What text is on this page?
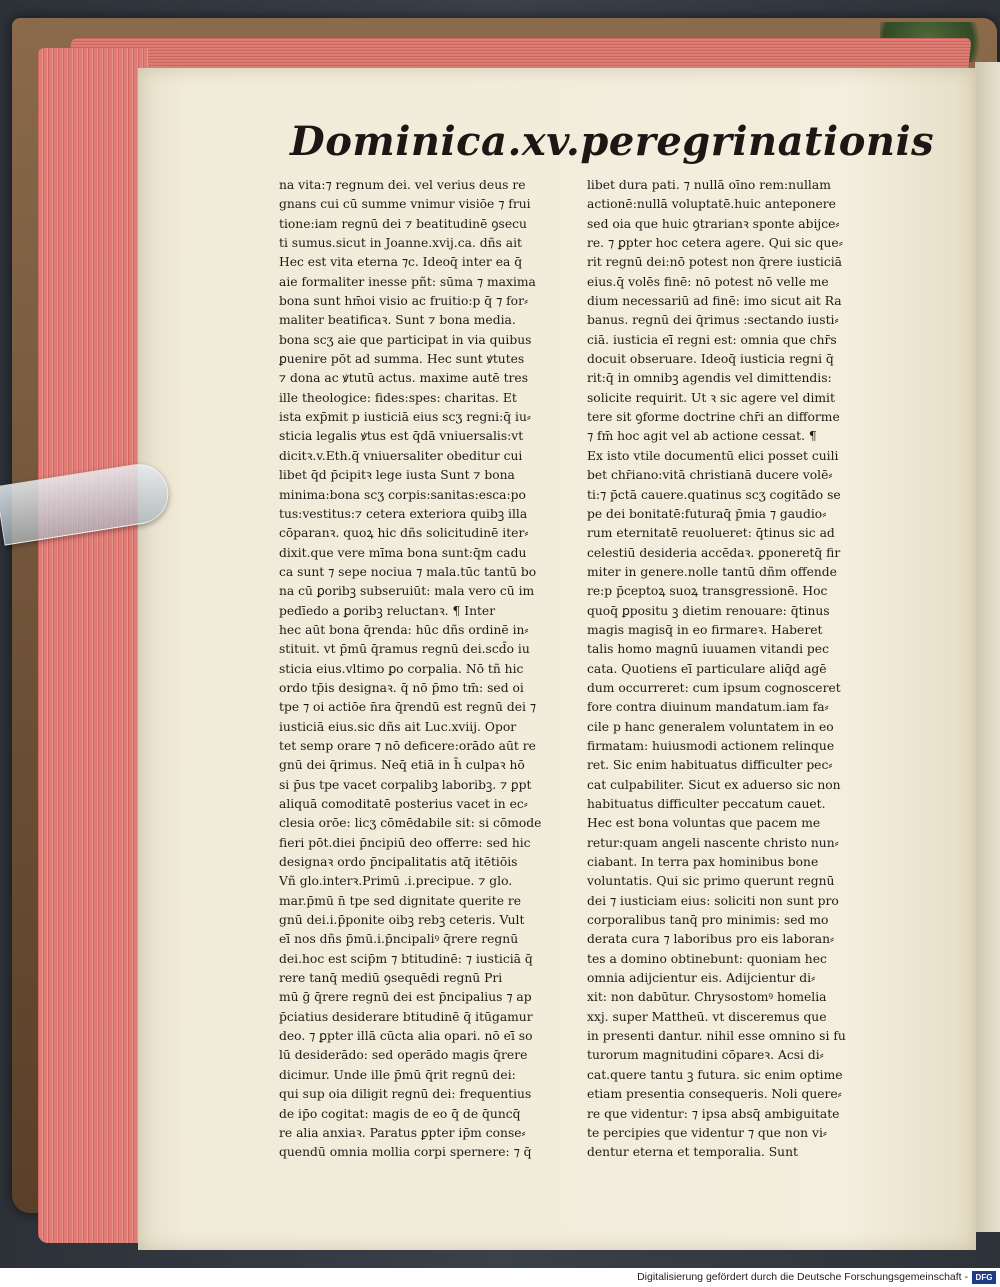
Dominica.xv.peregrinationis
na vita:⁊ regnum dei. vel verius deus re
gnans cui cū summe vnimur visiōe ⁊ frui
tione:iam regnū dei ⁊ beatitudinē ꝯsecu
ti sumus.sicut in Joanne.xvij.ca. dñs ait
Hec est vita eterna ⁊c. Ideoq̄ inter ea q̄
aie formaliter inesse pñt: sūma ⁊ maxima
bona sunt hm̄oi visio ac fruitio:p q̄ ⁊ for⸗
maliter beatificaꝛ. Sunt ⁊ bona media.
bona scʒ aie que participat in via quibus
ꝑuenire pōt ad summa. Hec sunt ꝟtutes
⁊ dona ac ꝟtutū actus. maxime autē tres
ille theologice: fides:spes: charitas. Et
ista exp̄mit p iusticiā eius scʒ regni:q̄ iu⸗
sticia legalis ꝟtus est q̄dā vniuersalis:vt
dicitꝛ.v.Eth.q̄ vniuersaliter obeditur cui
libet q̄d p̄cipitꝛ lege iusta Sunt ⁊ bona
minima:bona scʒ corpis:sanitas:esca:po
tus:vestitus:⁊ cetera exteriora quibꝫ illa
cōparanꝛ. quoꝝ hic dñs solicitudinē iter⸗
dixit.que vere mīma bona sunt:q̄m cadu
ca sunt ⁊ sepe nociua ⁊ mala.tūc tantū bo
na cū ꝑoribꝫ subseruiūt: mala vero cū im
pedīedo a ꝑoribꝫ reluctanꝛ. ¶ Inter
hec aūt bona q̄renda: hūc dñs ordinē in⸗
stituit. vt p̄mū q̄ramus regnū dei.scd̄o iu
sticia eius.vltimo ꝑo corpalia. Nō tñ hic
ordo tp̄is designaꝛ. q̄ nō p̄mo tm̄: sed oi
tpe ⁊ oi actiōe n̄ra q̄rendū est regnū dei ⁊
iusticiā eius.sic dñs ait Luc.xviij. Opor
tet semp orare ⁊ nō deficere:orādo aūt re
gnū dei q̄rimus. Neq̄ etiā in h̄ culpaꝛ hō
si p̄us tpe vacet corpalibꝫ laboribꝫ. ⁊ ꝑpt
aliquā comoditatē posterius vacet in ec⸗
clesia orōe: licʒ cōmēdabile sit: si cōmode
fieri pōt.diei p̄ncipiū deo offerre: sed hic
designaꝛ ordo p̄ncipalitatis atq̄ itētiōis
Vñ glo.interꝛ.Primū .i.precipue. ⁊ glo.
mar.p̄mū n̄ tpe sed dignitate querite re
gnū dei.i.p̄ponite oibꝫ rebꝫ ceteris. Vult
eī̄ nos dñs p̄mū.i.p̄ncipaliꝰ q̄rere regnū
dei.hoc est scip̄m ⁊ btitudinē: ⁊ iusticiā q̄
rere tanq̄ mediū ꝯsequēdi regnū Pri
mū ḡ q̄rere regnū dei est p̄ncipalius ⁊ ap
p̄ciatius desiderare btitudinē q̄ itūgamur
deo. ⁊ ꝑpter illā cūcta alia opari. nō eī̄ so
lū desiderādo: sed operādo magis q̄rere
dicimur. Unde ille p̄mū q̄rit regnū dei:
qui sup oia diligit regnū dei: frequentius
de ip̄o cogitat: magis de eo q̄̄ de q̄uncq̄
re alia anxiaꝛ. Paratus ꝑpter ip̄m conse⸗
quendū omnia mollia corpi spernere: ⁊ q̄
libet dura pati. ⁊ nullā oīno rem:nullam
actionē:nullā voluptatē.huic anteponere
sed oia que huic ꝯtrarianꝛ sponte abijce⸗
re. ⁊ ꝑpter hoc cetera agere. Qui sic que⸗
rit regnū dei:nō potest non q̄rere iusticiā
eius.q̄ volēs finē: nō potest nō velle me
dium necessariū ad finē: imo sicut ait Ra
banus. regnū dei q̄rimus :sectando iusti⸗
ciā. iusticia eī̄ regni est: omnia que chr̄s
docuit obseruare. Ideoq̄ iusticia regni q̄
rit:q̄ in omnibꝫ agendis vel dimittendis:
solicite requirit. Ut ꝛ sic agere vel dimit
tere sit ꝯforme doctrine chr̄i an difforme
⁊ fm̄ hoc agit vel ab actione cessat. ¶
Ex isto vtile documentū elici posset cuili
bet chr̄iano:vitā christianā ducere volē⸗
ti:⁊ p̄ctā cauere.quatinus scʒ cogitādo se
pe dei bonitatē:futuraq̄ p̄mia ⁊ gaudio⸗
rum eternitatē reuolueret: q̄tinus sic ad
celestiū desideria accēdaꝛ. ꝑponeretq̄ fir
miter in genere.nolle tantū dñm offende
re:p p̄ceptoꝝ suoꝝ transgressionē. Hoc
quoq̄ ꝑpositu ꝫ dietim renouare: q̄tinus
magis magisq̄ in eo firmareꝛ. Haberet
talis homo magnū iuuamen vitandi pec
cata. Quotiens eī̄ particulare aliq̄d agē
dum occurreret: cum ipsum cognosceret
fore contra diuinum mandatum.iam fa⸗
cile p hanc generalem voluntatem in eo
firmatam: huiusmodi actionem relinque
ret. Sic enim habituatus difficulter pec⸗
cat culpabiliter. Sicut ex aduerso sic non
habituatus difficulter peccatum cauet.
Hec est bona voluntas que pacem me
retur:quam angeli nascente christo nun⸗
ciabant. In terra pax hominibus bone
voluntatis. Qui sic primo querunt regnū
dei ⁊ iusticiam eius: soliciti non sunt pro
corporalibus tanq̄ pro minimis: sed mo
derata cura ⁊ laboribus pro eis laboran⸗
tes a domino obtinebunt: quoniam hec
omnia adijcientur eis. Adijcientur di⸗
xit: non dabūtur. Chrysostomꝰ homelia
xxj. super Mattheū. vt disceremus que
in presenti dantur. nihil esse omnino si fu
turorum magnitudini cōpareꝛ. Acsi di⸗
cat.quere tantu ꝫ futura. sic enim optime
etiam presentia consequeris. Noli quere⸗
re que videntur: ⁊ ipsa absq̄ ambiguitate
te percipies que videntur ⁊ que non vi⸗
dentur eterna et temporalia. Sunt
Digitalisierung gefördert durch die Deutsche Forschungsgemeinschaft - DFG
